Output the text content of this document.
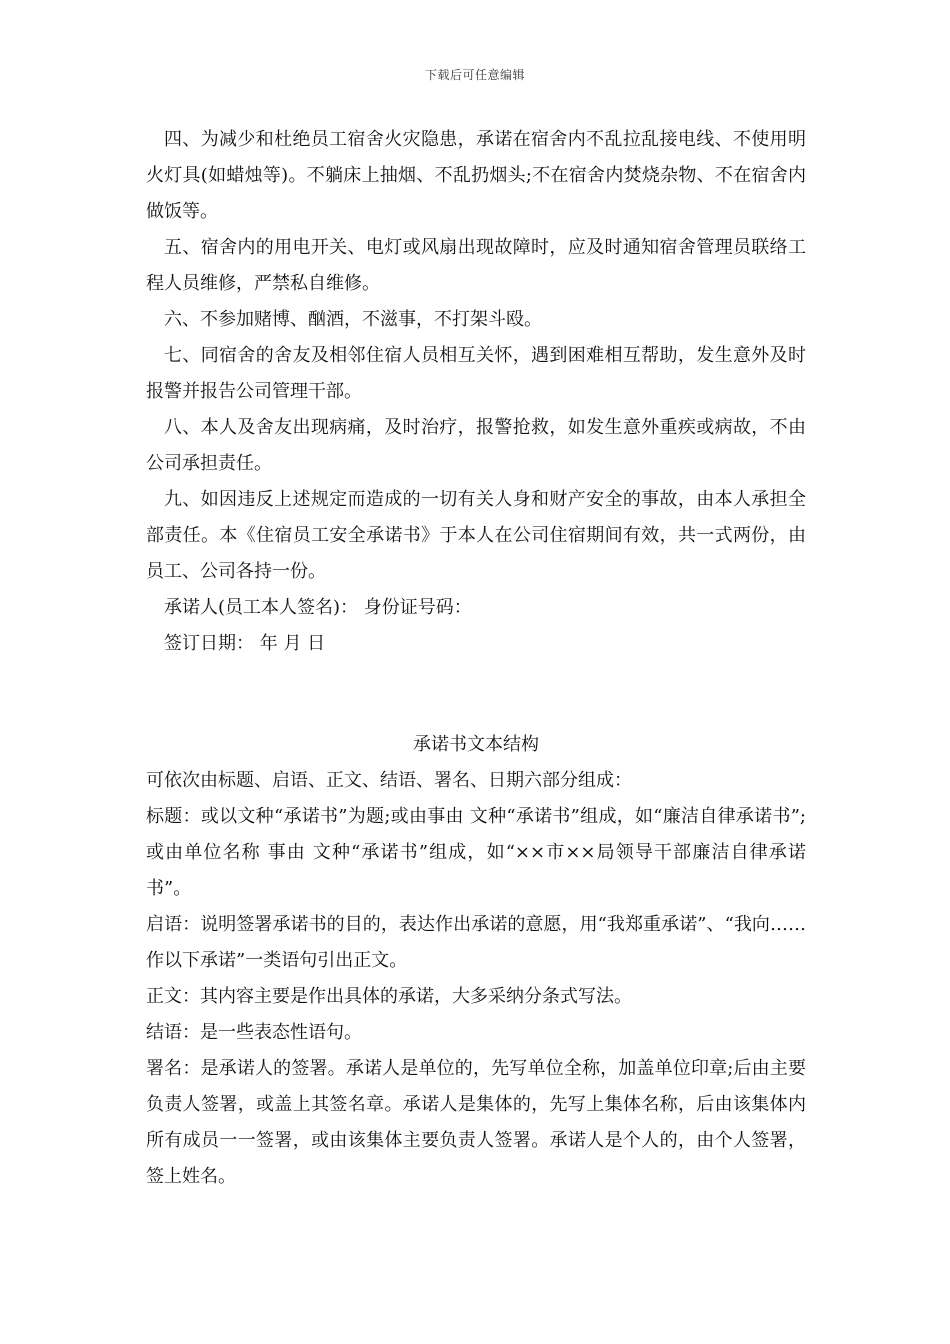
下载后可任意编辑

四、为减少和杜绝员工宿舍火灾隐患，承诺在宿舍内不乱拉乱接电线、不使用明火灯具(如蜡烛等)。不躺床上抽烟、不乱扔烟头;不在宿舍内焚烧杂物、不在宿舍内做饭等。

五、宿舍内的用电开关、电灯或风扇出现故障时，应及时通知宿舍管理员联络工程人员维修，严禁私自维修。

六、不参加赌博、酗酒，不滋事，不打架斗殴。

七、同宿舍的舍友及相邻住宿人员相互关怀，遇到困难相互帮助，发生意外及时报警并报告公司管理干部。

八、本人及舍友出现病痛，及时治疗，报警抢救，如发生意外重疾或病故，不由公司承担责任。

九、如因违反上述规定而造成的一切有关人身和财产安全的事故，由本人承担全部责任。本《住宿员工安全承诺书》于本人在公司住宿期间有效，共一式两份，由员工、公司各持一份。

承诺人(员工本人签名)： 身份证号码：

签订日期： 年 月 日

承诺书文本结构

可依次由标题、启语、正文、结语、署名、日期六部分组成：

标题：或以文种“承诺书”为题;或由事由 文种“承诺书”组成，如“廉洁自律承诺书”;或由单位名称 事由 文种“承诺书”组成，如“××市××局领导干部廉洁自律承诺书”。

启语：说明签署承诺书的目的，表达作出承诺的意愿，用“我郑重承诺”、“我向……作以下承诺”一类语句引出正文。

正文：其内容主要是作出具体的承诺，大多采纳分条式写法。

结语：是一些表态性语句。

署名：是承诺人的签署。承诺人是单位的，先写单位全称，加盖单位印章;后由主要负责人签署，或盖上其签名章。承诺人是集体的，先写上集体名称，后由该集体内所有成员一一签署，或由该集体主要负责人签署。承诺人是个人的，由个人签署，签上姓名。
